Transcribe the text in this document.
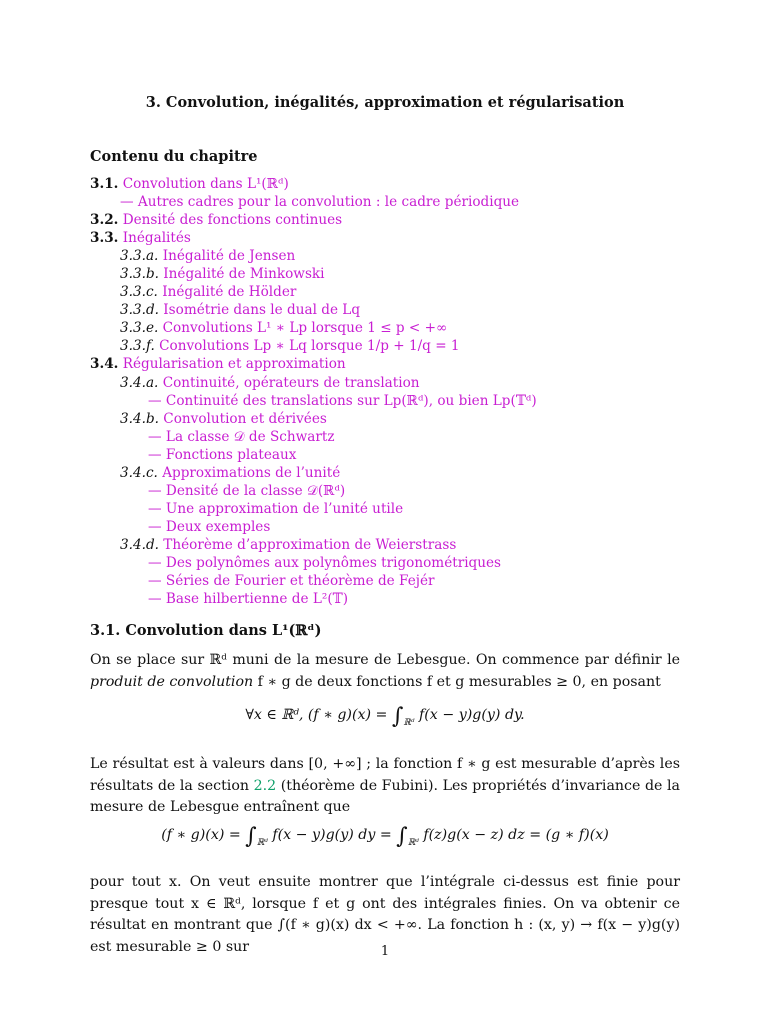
3. Convolution, inégalités, approximation et régularisation
Contenu du chapitre
3.1. Convolution dans L¹(ℝᵈ)
— Autres cadres pour la convolution : le cadre périodique
3.2. Densité des fonctions continues
3.3. Inégalités
3.3.a. Inégalité de Jensen
3.3.b. Inégalité de Minkowski
3.3.c. Inégalité de Hölder
3.3.d. Isométrie dans le dual de Lq
3.3.e. Convolutions L¹ ∗ Lp lorsque 1 ≤ p < +∞
3.3.f. Convolutions Lp ∗ Lq lorsque 1/p + 1/q = 1
3.4. Régularisation et approximation
3.4.a. Continuité, opérateurs de translation
— Continuité des translations sur Lp(ℝᵈ), ou bien Lp(𝕋ᵈ)
3.4.b. Convolution et dérivées
— La classe 𝒟 de Schwartz
— Fonctions plateaux
3.4.c. Approximations de l’unité
— Densité de la classe 𝒟(ℝᵈ)
— Une approximation de l’unité utile
— Deux exemples
3.4.d. Théorème d’approximation de Weierstrass
— Des polynômes aux polynômes trigonométriques
— Séries de Fourier et théorème de Fejér
— Base hilbertienne de L²(𝕋)
3.1. Convolution dans L¹(ℝᵈ)
On se place sur ℝᵈ muni de la mesure de Lebesgue. On commence par définir le produit de convolution f ∗ g de deux fonctions f et g mesurables ≥ 0, en posant
∀x ∈ ℝᵈ, (f ∗ $g)(x) = \int_{ℝᵈ}$ f(x − y)g(y) dy.
Le résultat est à valeurs dans [0, +∞] ; la fonction f ∗ g est mesurable d’après les résultats de la section 2.2 (théorème de Fubini). Les propriétés d’invariance de la mesure de Lebesgue entraînent que
(f ∗ $g)(x) = \int_{ℝᵈ}$ f(x − y)g(y) dy = $\int_{ℝᵈ}$ f(z)g(x − z) dz = (g ∗ f)(x)
pour tout x. On veut ensuite montrer que l’intégrale ci-dessus est finie pour presque tout x ∈ ℝᵈ, lorsque f et g ont des intégrales finies. On va obtenir ce résultat en montrant que ∫(f ∗ g)(x) dx < +∞. La fonction h : (x, y) → f(x − y)g(y) est mesurable ≥ 0 sur	1
